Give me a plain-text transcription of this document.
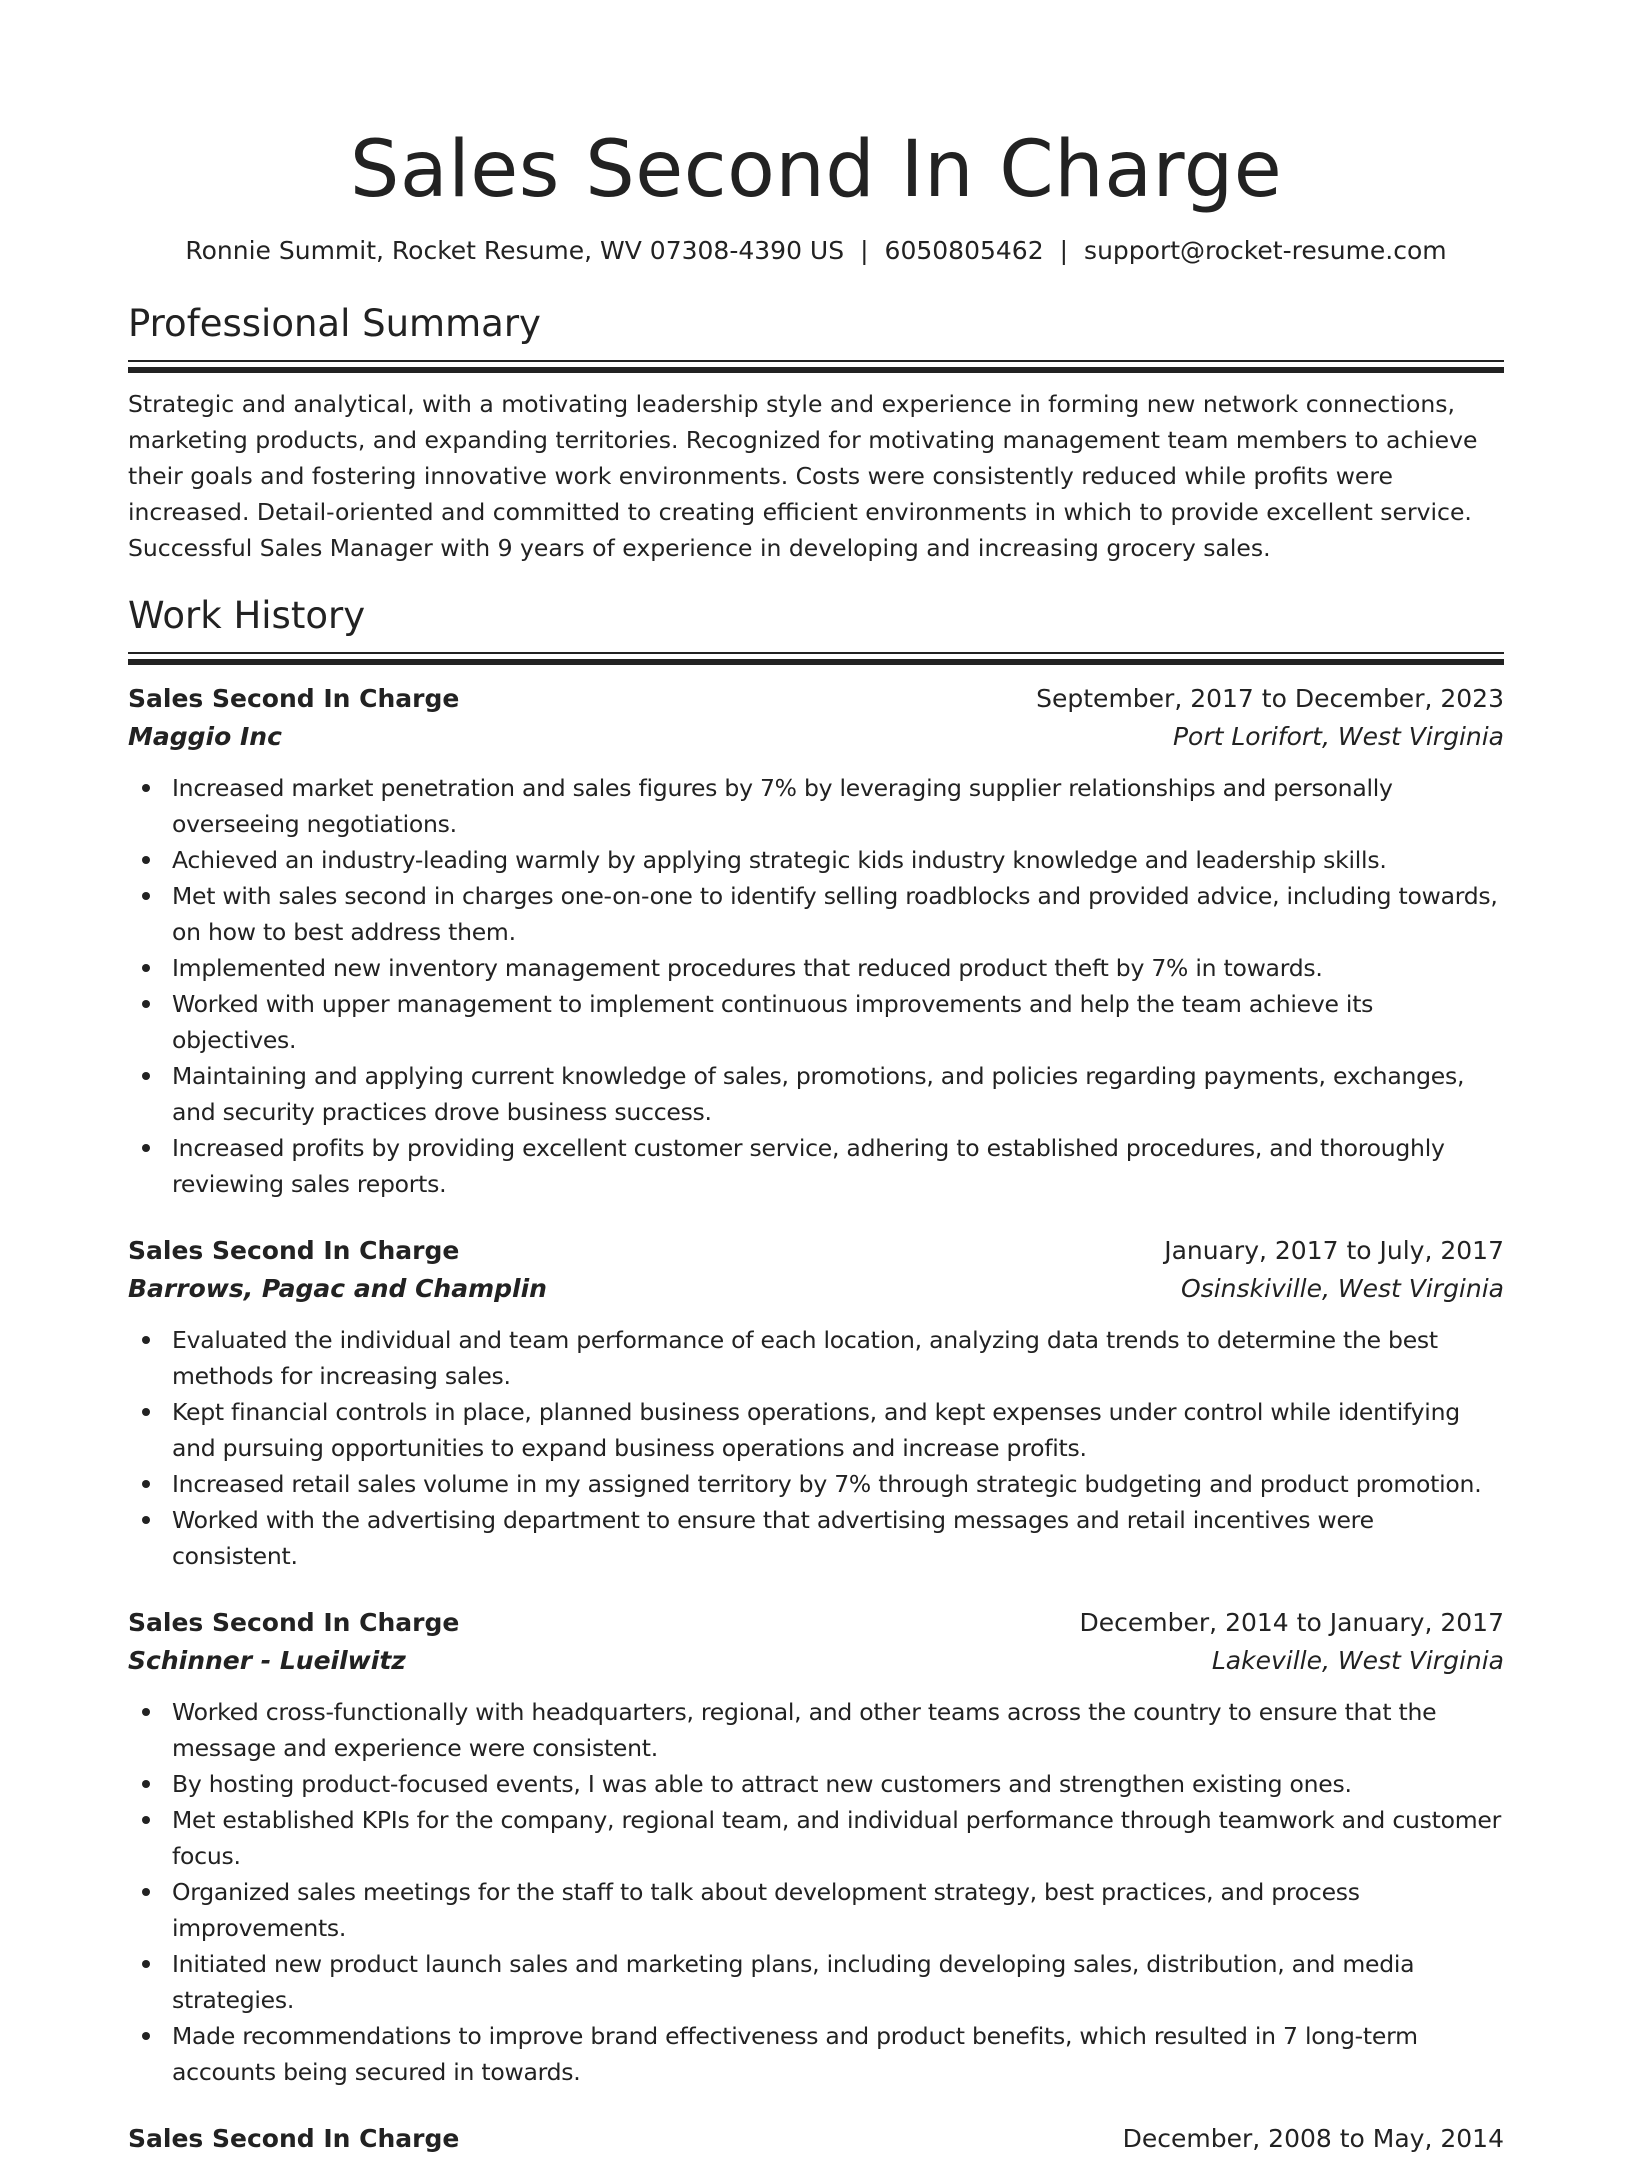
Sales Second In Charge
Ronnie Summit, Rocket Resume, WV 07308-4390 US | 6050805462 | support@rocket-resume.com
Professional Summary
Strategic and analytical, with a motivating leadership style and experience in forming new network connections, marketing products, and expanding territories. Recognized for motivating management team members to achieve their goals and fostering innovative work environments. Costs were consistently reduced while profits were increased. Detail-oriented and committed to creating efficient environments in which to provide excellent service. Successful Sales Manager with 9 years of experience in developing and increasing grocery sales.
Work History
Sales Second In Charge	September, 2017 to December, 2023
Maggio Inc	Port Lorifort, West Virginia
Increased market penetration and sales figures by 7% by leveraging supplier relationships and personally overseeing negotiations.
Achieved an industry-leading warmly by applying strategic kids industry knowledge and leadership skills.
Met with sales second in charges one-on-one to identify selling roadblocks and provided advice, including towards, on how to best address them.
Implemented new inventory management procedures that reduced product theft by 7% in towards.
Worked with upper management to implement continuous improvements and help the team achieve its objectives.
Maintaining and applying current knowledge of sales, promotions, and policies regarding payments, exchanges, and security practices drove business success.
Increased profits by providing excellent customer service, adhering to established procedures, and thoroughly reviewing sales reports.
Sales Second In Charge	January, 2017 to July, 2017
Barrows, Pagac and Champlin	Osinskiville, West Virginia
Evaluated the individual and team performance of each location, analyzing data trends to determine the best methods for increasing sales.
Kept financial controls in place, planned business operations, and kept expenses under control while identifying and pursuing opportunities to expand business operations and increase profits.
Increased retail sales volume in my assigned territory by 7% through strategic budgeting and product promotion.
Worked with the advertising department to ensure that advertising messages and retail incentives were consistent.
Sales Second In Charge	December, 2014 to January, 2017
Schinner - Lueilwitz	Lakeville, West Virginia
Worked cross-functionally with headquarters, regional, and other teams across the country to ensure that the message and experience were consistent.
By hosting product-focused events, I was able to attract new customers and strengthen existing ones.
Met established KPIs for the company, regional team, and individual performance through teamwork and customer focus.
Organized sales meetings for the staff to talk about development strategy, best practices, and process improvements.
Initiated new product launch sales and marketing plans, including developing sales, distribution, and media strategies.
Made recommendations to improve brand effectiveness and product benefits, which resulted in 7 long-term accounts being secured in towards.
Sales Second In Charge	December, 2008 to May, 2014
